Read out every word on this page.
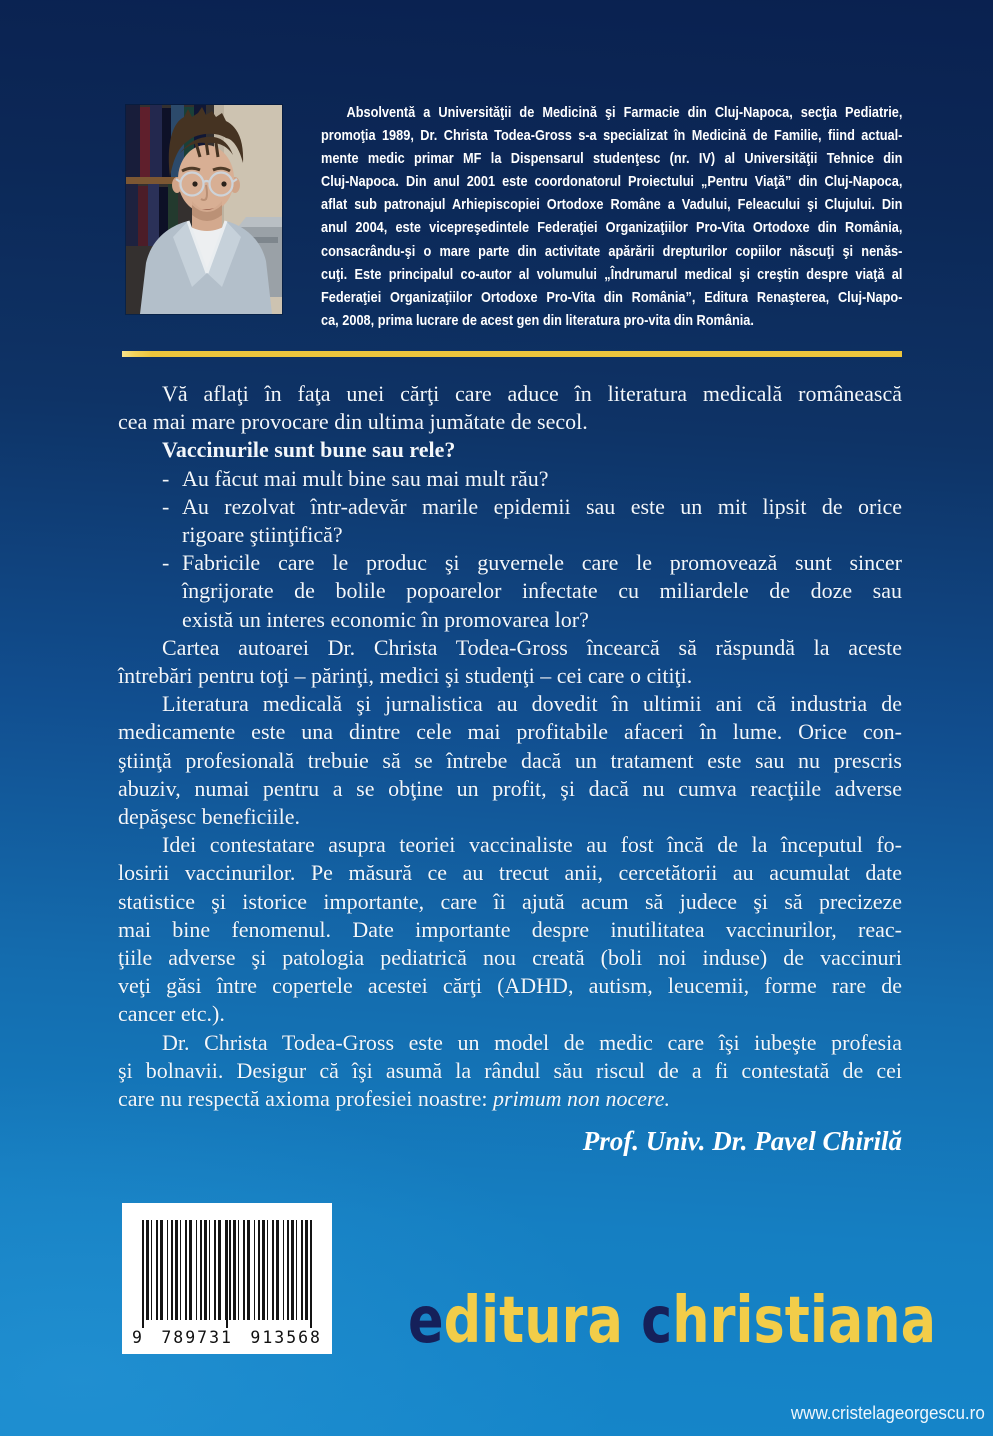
Absolventă a Universităţii de Medicină şi Farmacie din Cluj-Napoca, secţia Pediatrie,
promoţia 1989, Dr. Christa Todea-Gross s-a specializat în Medicină de Familie, fiind actual-
mente medic primar MF la Dispensarul studenţesc (nr. IV) al Universităţii Tehnice din
Cluj-Napoca. Din anul 2001 este coordonatorul Proiectului „Pentru Viaţă” din Cluj-Napoca,
aflat sub patronajul Arhiepiscopiei Ortodoxe Române a Vadului, Feleacului şi Clujului. Din
anul 2004, este vicepreşedintele Federaţiei Organizaţiilor Pro-Vita Ortodoxe din România,
consacrându-şi o mare parte din activitate apărării drepturilor copiilor născuţi şi nenăs-
cuţi. Este principalul co-autor al volumului „Îndrumarul medical şi creştin despre viaţă al
Federaţiei Organizaţiilor Ortodoxe Pro-Vita din România”, Editura Renaşterea, Cluj-Napo-
ca, 2008, prima lucrare de acest gen din literatura pro-vita din România.
Vă aflaţi în faţa unei cărţi care aduce în literatura medicală românească
cea mai mare provocare din ultima jumătate de secol.
Vaccinurile sunt bune sau rele?
- Au făcut mai mult bine sau mai mult rău?
- Au rezolvat într-adevăr marile epidemii sau este un mit lipsit de orice
rigoare ştiinţifică?
- Fabricile care le produc şi guvernele care le promovează sunt sincer
îngrijorate de bolile popoarelor infectate cu miliardele de doze sau
există un interes economic în promovarea lor?
Cartea autoarei Dr. Christa Todea-Gross încearcă să răspundă la aceste
întrebări pentru toţi – părinţi, medici şi studenţi – cei care o citiţi.
Literatura medicală şi jurnalistica au dovedit în ultimii ani că industria de
medicamente este una dintre cele mai profitabile afaceri în lume. Orice con-
ştiinţă profesională trebuie să se întrebe dacă un tratament este sau nu prescris
abuziv, numai pentru a se obţine un profit, şi dacă nu cumva reacţiile adverse
depăşesc beneficiile.
Idei contestatare asupra teoriei vaccinaliste au fost încă de la începutul fo-
losirii vaccinurilor. Pe măsură ce au trecut anii, cercetătorii au acumulat date
statistice şi istorice importante, care îi ajută acum să judece şi să precizeze
mai bine fenomenul. Date importante despre inutilitatea vaccinurilor, reac-
ţiile adverse şi patologia pediatrică nou creată (boli noi induse) de vaccinuri
veţi găsi între copertele acestei cărţi (ADHD, autism, leucemii, forme rare de
cancer etc.).
Dr. Christa Todea-Gross este un model de medic care îşi iubeşte profesia
şi bolnavii. Desigur că îşi asumă la rândul său riscul de a fi contestată de cei
care nu respectă axioma profesiei noastre: primum non nocere.
Prof. Univ. Dr. Pavel Chirilă
9 789731 913568 editura christiana
www.cristelageorgescu.ro
